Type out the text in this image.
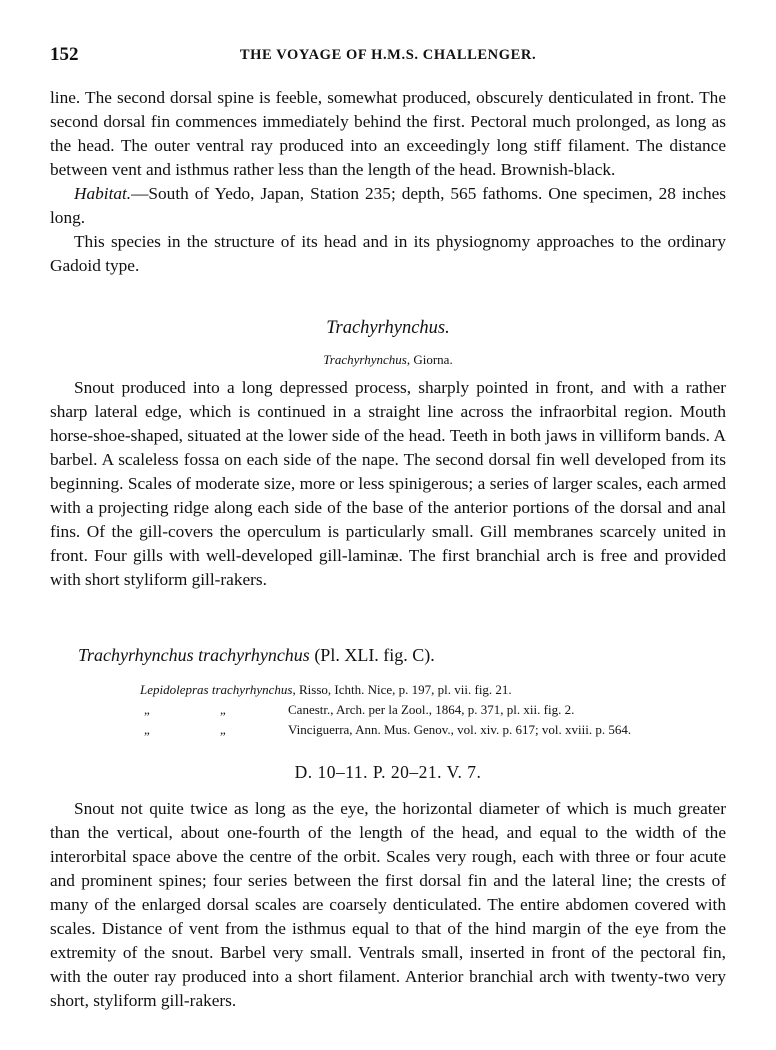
152	THE VOYAGE OF H.M.S. CHALLENGER.

line. The second dorsal spine is feeble, somewhat produced, obscurely denticulated in front. The second dorsal fin commences immediately behind the first. Pectoral much prolonged, as long as the head. The outer ventral ray produced into an exceedingly long stiff filament. The distance between vent and isthmus rather less than the length of the head. Brownish-black.

Habitat.—South of Yedo, Japan, Station 235; depth, 565 fathoms. One specimen, 28 inches long.

This species in the structure of its head and in its physiognomy approaches to the ordinary Gadoid type.

Trachyrhynchus.
Trachyrhynchus, Giorna.

Snout produced into a long depressed process, sharply pointed in front, and with a rather sharp lateral edge, which is continued in a straight line across the infraorbital region. Mouth horse-shoe-shaped, situated at the lower side of the head. Teeth in both jaws in villiform bands. A barbel. A scaleless fossa on each side of the nape. The second dorsal fin well developed from its beginning. Scales of moderate size, more or less spinigerous; a series of larger scales, each armed with a projecting ridge along each side of the base of the anterior portions of the dorsal and anal fins. Of the gill-covers the operculum is particularly small. Gill membranes scarcely united in front. Four gills with well-developed gill-laminæ. The first branchial arch is free and provided with short styliform gill-rakers.

Trachyrhynchus trachyrhynchus (Pl. XLI. fig. C).
Lepidolepras trachyrhynchus, Risso, Ichth. Nice, p. 197, pl. vii. fig. 21.
„	„	Canestr., Arch. per la Zool., 1864, p. 371, pl. xii. fig. 2.
„	„	Vinciguerra, Ann. Mus. Genov., vol. xiv. p. 617; vol. xviii. p. 564.
D. 10–11. P. 20–21. V. 7.

Snout not quite twice as long as the eye, the horizontal diameter of which is much greater than the vertical, about one-fourth of the length of the head, and equal to the width of the interorbital space above the centre of the orbit. Scales very rough, each with three or four acute and prominent spines; four series between the first dorsal fin and the lateral line; the crests of many of the enlarged dorsal scales are coarsely denticulated. The entire abdomen covered with scales. Distance of vent from the isthmus equal to that of the hind margin of the eye from the extremity of the snout. Barbel very small. Ventrals small, inserted in front of the pectoral fin, with the outer ray produced into a short filament. Anterior branchial arch with twenty-two very short, styliform gill-rakers.
